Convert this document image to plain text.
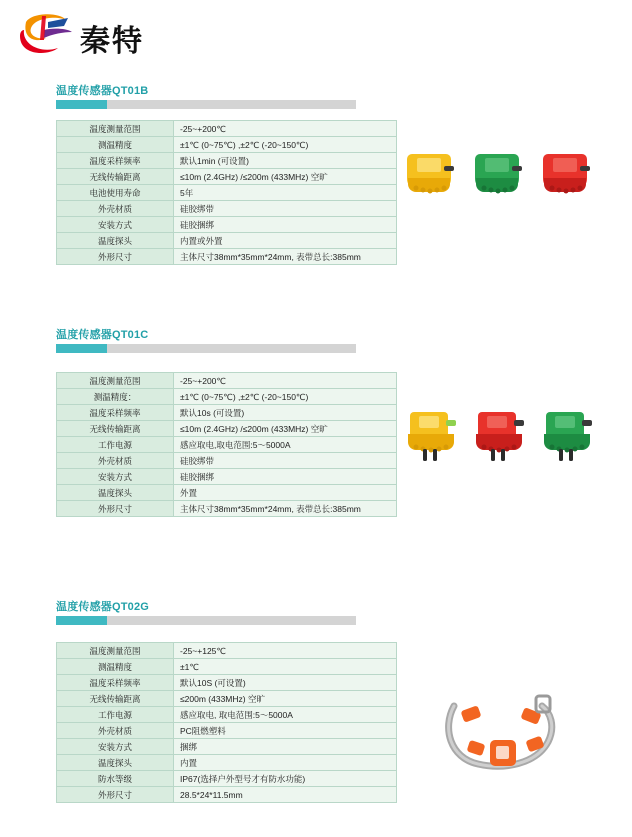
秦特
温度传感器QT01B
温度测量范围	-25~+200℃
测温精度	±1℃ (0~75℃) ,±2℃ (-20~150℃)
温度采样频率	默认1min (可设置)
无线传输距离	≤10m (2.4GHz) /≤200m (433MHz) 空旷
电池使用寿命	5年
外壳材质	硅胶绑带
安装方式	硅胶捆绑
温度探头	内置或外置
外形尺寸	主体尺寸38mm*35mm*24mm, 表带总长:385mm
温度传感器QT01C
温度测量范围	-25~+200℃
测温精度：	±1℃ (0~75℃) ,±2℃ (-20~150℃)
温度采样频率	默认10s (可设置)
无线传输距离	≤10m (2.4GHz) /≤200m (433MHz) 空旷
工作电源	感应取电,取电范围:5～5000A
外壳材质	硅胶绑带
安装方式	硅胶捆绑
温度探头	外置
外形尺寸	主体尺寸38mm*35mm*24mm, 表带总长:385mm
温度传感器QT02G
温度测量范围	-25~+125℃
测温精度	±1℃
温度采样频率	默认10S (可设置)
无线传输距离	≤200m (433MHz) 空旷
工作电源	感应取电, 取电范围:5～5000A
外壳材质	PC阻燃塑料
安装方式	捆绑
温度探头	内置
防水等级	IP67(选择户外型号才有防水功能)
外形尺寸	28.5*24*11.5mm
